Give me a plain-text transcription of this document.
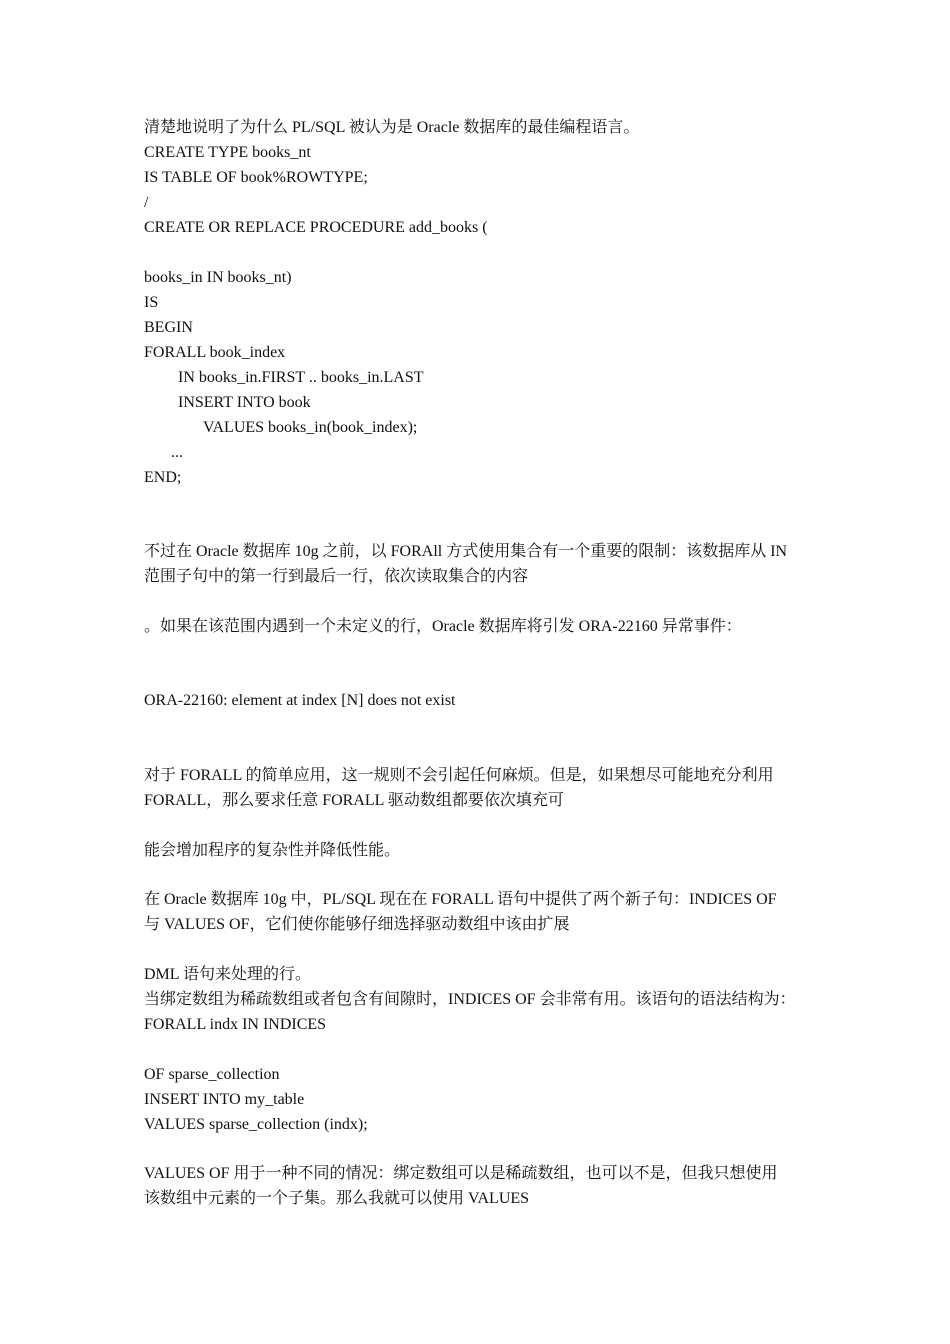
清楚地说明了为什么 PL/SQL 被认为是 Oracle 数据库的最佳编程语言。
CREATE TYPE books_nt
IS TABLE OF book%ROWTYPE;
/
CREATE OR REPLACE PROCEDURE add_books (
books_in IN books_nt)
IS
BEGIN
FORALL book_index
IN books_in.FIRST .. books_in.LAST
INSERT INTO book
VALUES books_in(book_index);
...
END;
不过在 Oracle 数据库 10g 之前，以 FORAll 方式使用集合有一个重要的限制：该数据库从 IN
范围子句中的第一行到最后一行，依次读取集合的内容
。如果在该范围内遇到一个未定义的行，Oracle 数据库将引发 ORA-22160 异常事件：
ORA-22160: element at index [N] does not exist
对于 FORALL 的简单应用，这一规则不会引起任何麻烦。但是，如果想尽可能地充分利用
FORALL，那么要求任意 FORALL 驱动数组都要依次填充可
能会增加程序的复杂性并降低性能。
在 Oracle 数据库 10g 中，PL/SQL 现在在 FORALL 语句中提供了两个新子句：INDICES OF
与 VALUES OF，它们使你能够仔细选择驱动数组中该由扩展
DML 语句来处理的行。
当绑定数组为稀疏数组或者包含有间隙时，INDICES OF 会非常有用。该语句的语法结构为：
FORALL indx IN INDICES
OF sparse_collection
INSERT INTO my_table
VALUES sparse_collection (indx);
VALUES OF 用于一种不同的情况：绑定数组可以是稀疏数组，也可以不是，但我只想使用
该数组中元素的一个子集。那么我就可以使用 VALUES
